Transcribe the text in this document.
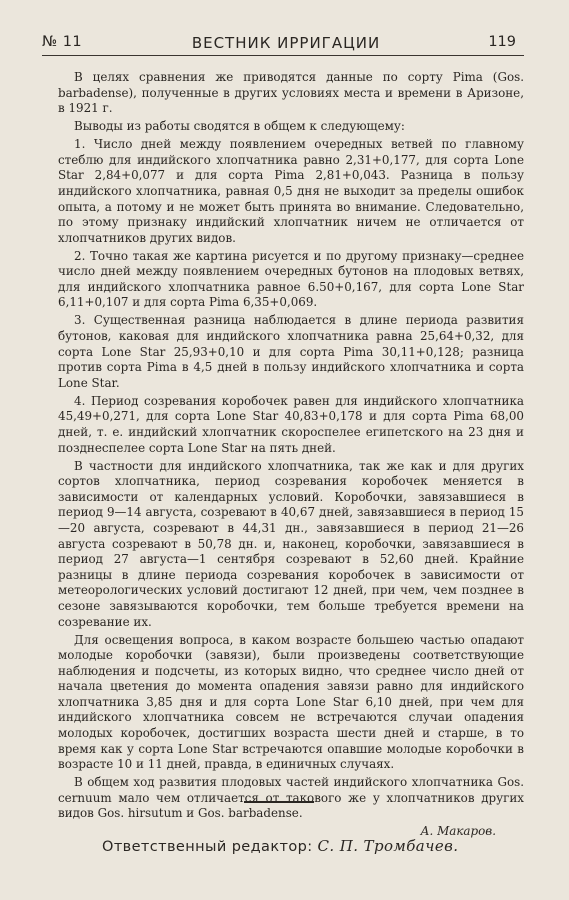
№ 11	ВЕСТНИК ИРРИГАЦИИ	119

В целях сравнения же приводятся данные по сорту Pima (Gos. barbadense), полученные в других условиях места и времени в Аризоне, в 1921 г.

Выводы из работы сводятся в общем к следующему:

1. Число дней между появлением очередных ветвей по главному стеблю для индийского хлопчатника равно 2,31+0,177, для сорта Lone Star 2,84+0,077 и для сорта Pima 2,81+0,043. Разница в пользу индийского хлопчатника, равная 0,5 дня не выходит за пределы ошибок опыта, а потому и не может быть принята во внимание. Следовательно, по этому признаку индийский хлопчатник ничем не отличается от хлопчатников других видов.

2. Точно такая же картина рисуется и по другому признаку—среднее число дней между появлением очередных бутонов на плодовых ветвях, для индийского хлопчатника равное 6.50+0,167, для сорта Lone Star 6,11+0,107 и для сорта Pima 6,35+0,069.

3. Существенная разница наблюдается в длине периода развития бутонов, каковая для индийского хлопчатника равна 25,64+0,32, для сорта Lone Star 25,93+0,10 и для сорта Pima 30,11+0,128; разница против сорта Pima в 4,5 дней в пользу индийского хлопчатника и сорта Lone Star.

4. Период созревания коробочек равен для индийского хлопчатника 45,49+0,271, для сорта Lone Star 40,83+0,178 и для сорта Pima 68,00 дней, т. е. индийский хлопчатник скороспелее египетского на 23 дня и позднеспелее сорта Lone Star на пять дней.

В частности для индийского хлопчатника, так же как и для других сортов хлопчатника, период созревания коробочек меняется в зависимости от календарных условий. Коробочки, завязавшиеся в период 9—14 августа, созревают в 40,67 дней, завязавшиеся в период 15—20 августа, созревают в 44,31 дн., завязавшиеся в период 21—26 августа созревают в 50,78 дн. и, наконец, коробочки, завязавшиеся в период 27 августа—1 сентября созревают в 52,60 дней. Крайние разницы в длине периода созревания коробочек в зависимости от метеорологических условий достигают 12 дней, при чем, чем позднее в сезоне завязываются коробочки, тем больше требуется времени на созревание их.

Для освещения вопроса, в каком возрасте большею частью опадают молодые коробочки (завязи), были произведены соответствующие наблюдения и подсчеты, из которых видно, что среднее число дней от начала цветения до момента опадения завязи равно для индийского хлопчатника 3,85 дня и для сорта Lone Star 6,10 дней, при чем для индийского хлопчатника совсем не встречаются случаи опадения молодых коробочек, достигших возраста шести дней и старше, в то время как у сорта Lone Star встречаются опавшие молодые коробочки в возрасте 10 и 11 дней, правда, в единичных случаях.

В общем ход развития плодовых частей индийского хлопчатника Gos. cernuum мало чем отличается от такового же у хлопчатников других видов Gos. hirsutum и Gos. barbadense.

А. Макаров.

Ответственный редактор: С. П. Тромбачев.
